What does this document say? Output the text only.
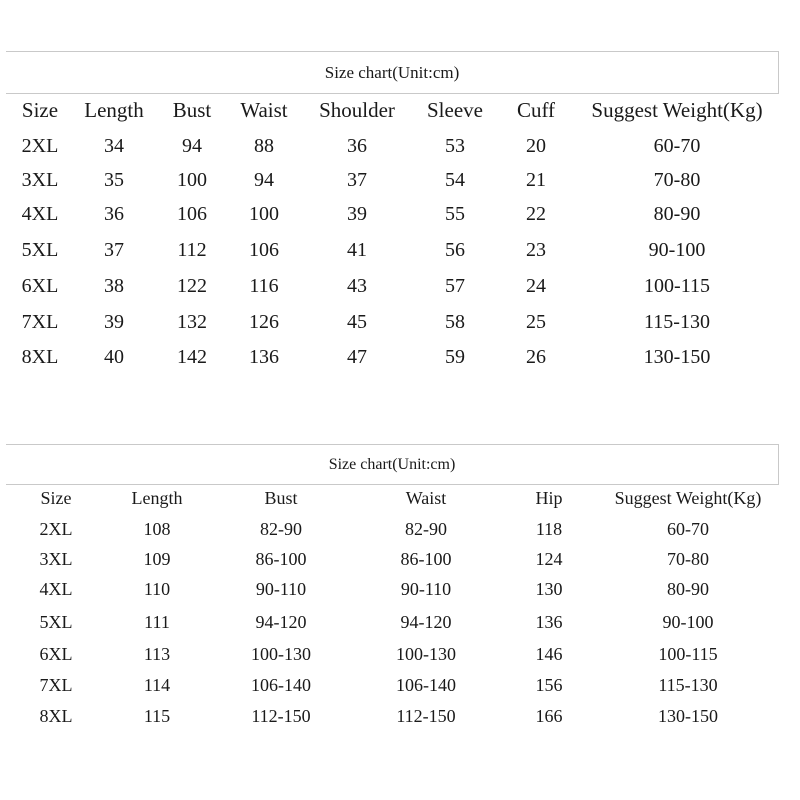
Size chart(Unit:cm)
Size	Length	Bust	Waist	Shoulder	Sleeve	Cuff	Suggest Weight(Kg)
2XL	34	94	88	36	53	20	60-70
3XL	35	100	94	37	54	21	70-80
4XL	36	106	100	39	55	22	80-90
5XL	37	112	106	41	56	23	90-100
6XL	38	122	116	43	57	24	100-115
7XL	39	132	126	45	58	25	115-130
8XL	40	142	136	47	59	26	130-150
Size chart(Unit:cm)
Size	Length	Bust	Waist	Hip	Suggest Weight(Kg)
2XL	108	82-90	82-90	118	60-70
3XL	109	86-100	86-100	124	70-80
4XL	110	90-110	90-110	130	80-90
5XL	111	94-120	94-120	136	90-100
6XL	113	100-130	100-130	146	100-115
7XL	114	106-140	106-140	156	115-130
8XL	115	112-150	112-150	166	130-150
